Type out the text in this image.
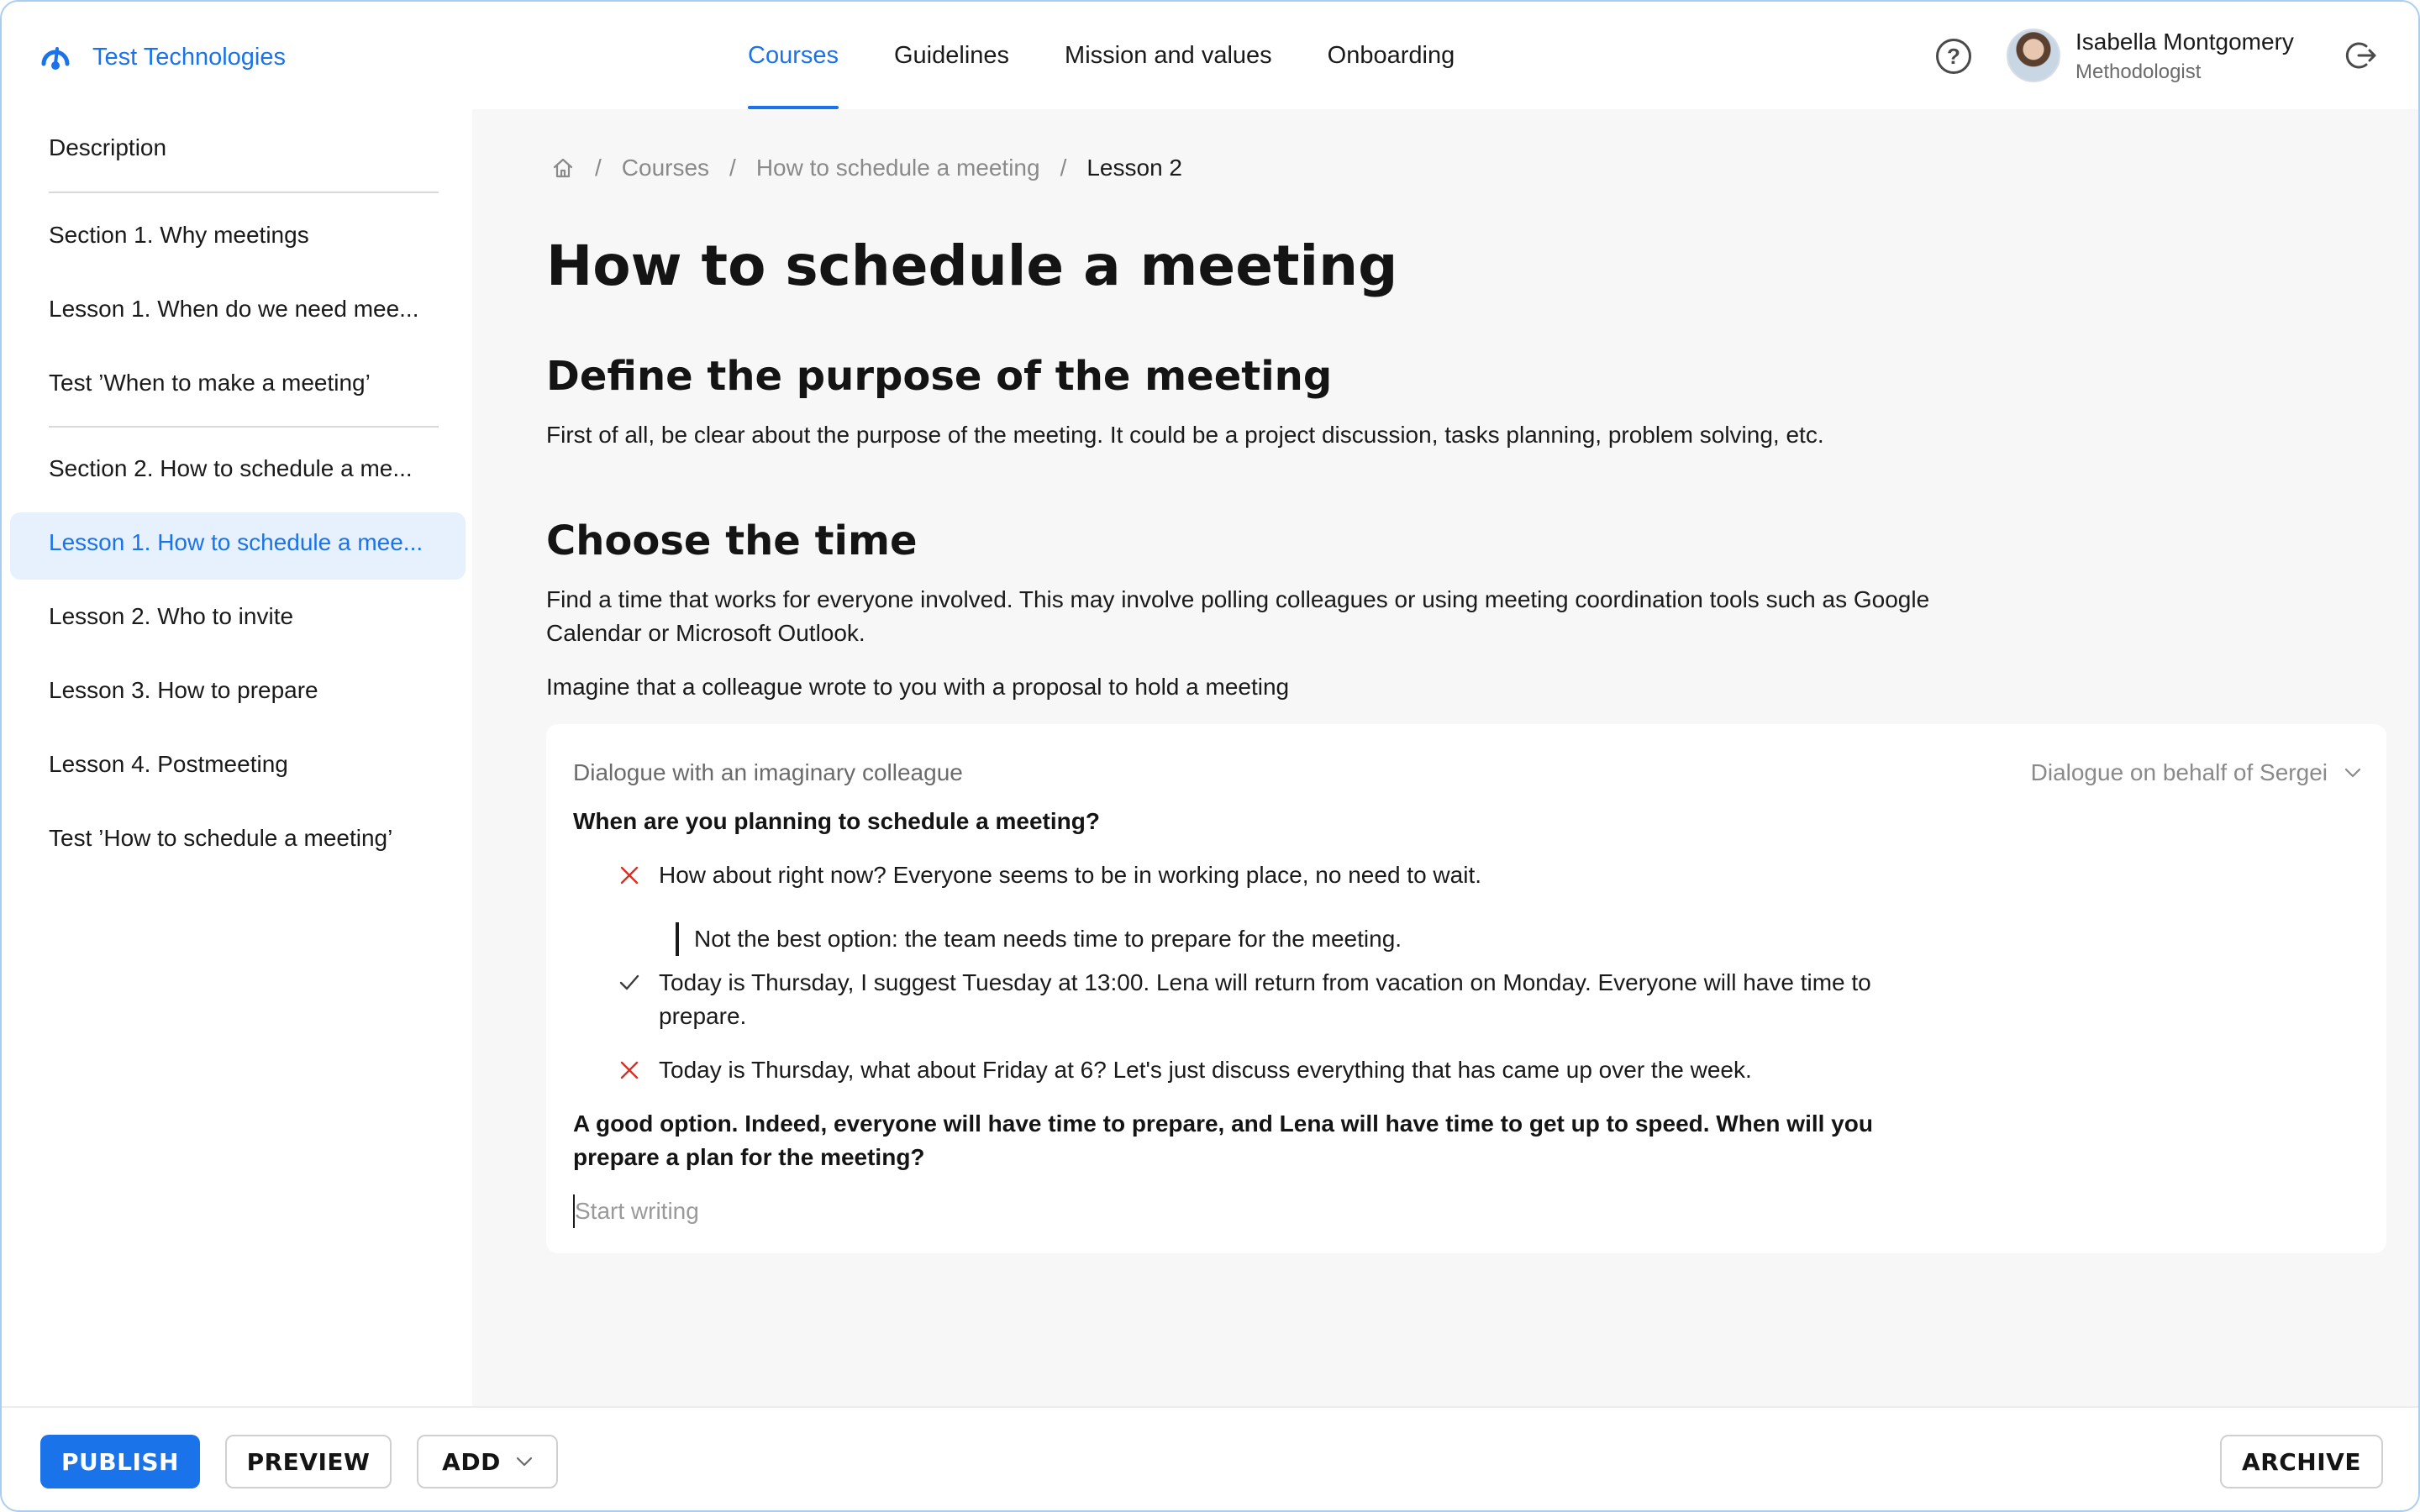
Test Technologies	Courses Guidelines Mission and values Onboarding	?
Isabella Montgomery
Methodologist
Description
Section 1. Why meetings
Lesson 1. When do we need mee...
Test ’When to make a meeting’
Section 2. How to schedule a me...
Lesson 1. How to schedule a mee...
Lesson 2. Who to invite
Lesson 3. How to prepare
Lesson 4. Postmeeting
Test ’How to schedule a meeting’
/ Courses / How to schedule a meeting / Lesson 2
How to schedule a meeting
Define the purpose of the meeting
First of all, be clear about the purpose of the meeting. It could be a project discussion, tasks planning, problem solving, etc.
Choose the time
Find a time that works for everyone involved. This may involve polling colleagues or using meeting coordination tools such as Google Calendar or Microsoft Outlook.
Imagine that a colleague wrote to you with a proposal to hold a meeting
Dialogue with an imaginary colleague	Dialogue on behalf of Sergei
When are you planning to schedule a meeting?
How about right now? Everyone seems to be in working place, no need to wait.
Not the best option: the team needs time to prepare for the meeting.
Today is Thursday, I suggest Tuesday at 13:00. Lena will return from vacation on Monday. Everyone will have time to prepare.
Today is Thursday, what about Friday at 6? Let's just discuss everything that has came up over the week.
A good option. Indeed, everyone will have time to prepare, and Lena will have time to get up to speed. When will you prepare a plan for the meeting?
Start writing
PUBLISH	PREVIEW	ADD	ARCHIVE
